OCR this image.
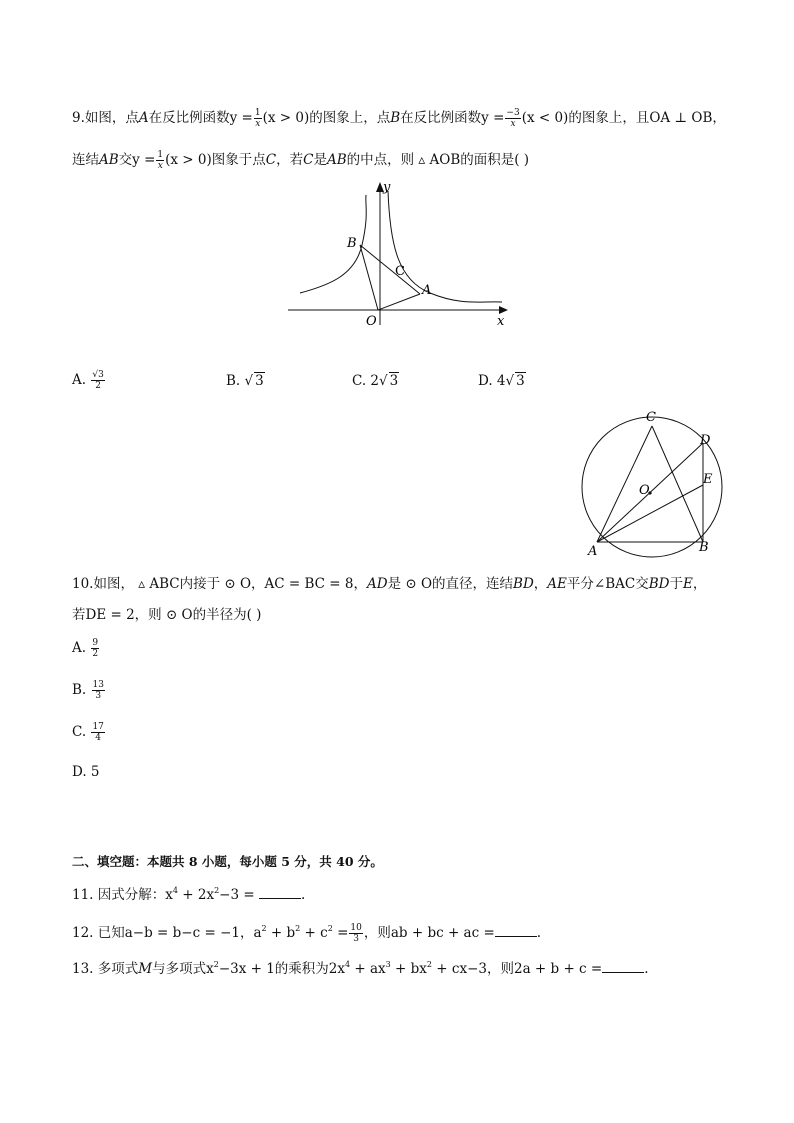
9.如图，点A在反比例函数$y = \frac{1}{x} (x > 0)$的图象上，点B在反比例函数$y = \frac{-3}{x} (x < 0)$的图象上，且OA ⊥ OB，
连结AB交$y = \frac{1}{x} (x > 0)$图象于点C，若C是AB的中点，则 ▵ AOB的面积是( )
x
y
O
A
B
C
A. $\frac{√3}{2}$	B. √ 3	C. 2√ 3	D. 4√ 3
C
D
O
E
A	B
10.如图， ▵ ABC内接于 ⊙ O，AC = BC = 8，AD是 ⊙ O的直径，连结BD，AE平分∠BAC交BD于E，
若DE = 2，则 ⊙ O的半径为( )
A. $\frac{9}{2}$
B. $\frac{13}{3}$
C. $\frac{17}{4}$
D. 5
二、填空题：本题共 8 小题，每小题 5 分，共 40 分。
11. 因式分解：$x^4 + 2x^2-3$ =	.
12. 已知a−b = b−c = −1，$a^2 + b^2 + c^2 = \frac{10}{3}$ ，则ab + bc + ac =	.
13. 多项式M与多项式$x^2-3x + 1$的乘积为$2x^4 + ax^3 + bx^2 + cx-3$，则2a + b + c =	.
